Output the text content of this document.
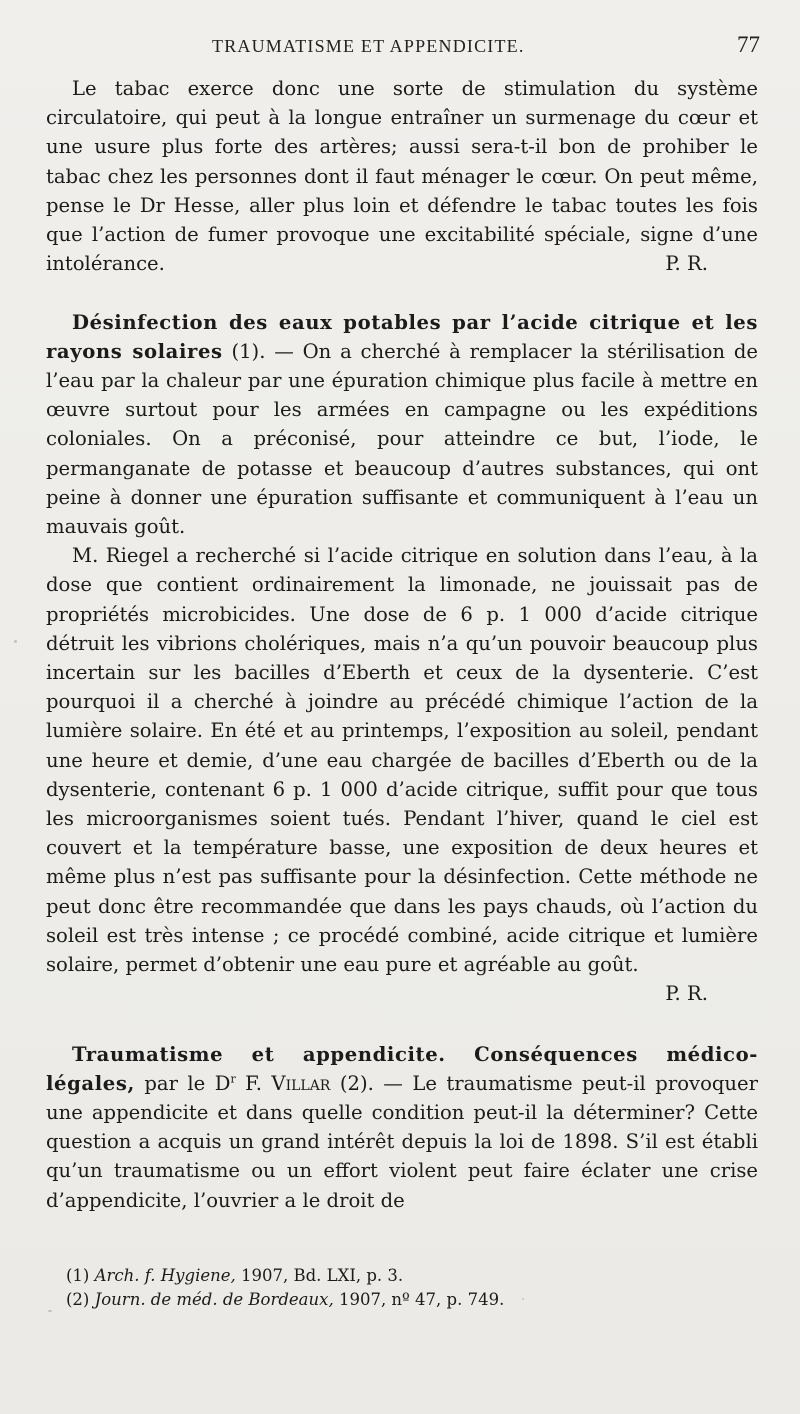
TRAUMATISME ET APPENDICITE.	77

Le tabac exerce donc une sorte de stimulation du système circulatoire, qui peut à la longue entraîner un surmenage du cœur et une usure plus forte des artères; aussi sera-t-il bon de prohiber le tabac chez les personnes dont il faut ménager le cœur. On peut même, pense le Dr Hesse, aller plus loin et défendre le tabac toutes les fois que l’action de fumer provoque une excitabilité spéciale, signe d’une intolérance.	P. R.

Désinfection des eaux potables par l’acide citrique et les rayons solaires (1). — On a cherché à remplacer la stérilisation de l’eau par la chaleur par une épuration chimique plus facile à mettre en œuvre surtout pour les armées en campagne ou les expéditions coloniales. On a préconisé, pour atteindre ce but, l’iode, le permanganate de potasse et beaucoup d’autres substances, qui ont peine à donner une épuration suffisante et communiquent à l’eau un mauvais goût.

M. Riegel a recherché si l’acide citrique en solution dans l’eau, à la dose que contient ordinairement la limonade, ne jouissait pas de propriétés microbicides. Une dose de 6 p. 1 000 d’acide citrique détruit les vibrions cholériques, mais n’a qu’un pouvoir beaucoup plus incertain sur les bacilles d’Eberth et ceux de la dysenterie. C’est pourquoi il a cherché à joindre au précédé chimique l’action de la lumière solaire. En été et au printemps, l’exposition au soleil, pendant une heure et demie, d’une eau chargée de bacilles d’Eberth ou de la dysenterie, contenant 6 p. 1 000 d’acide citrique, suffit pour que tous les microorganismes soient tués. Pendant l’hiver, quand le ciel est couvert et la température basse, une exposition de deux heures et même plus n’est pas suffisante pour la désinfection. Cette méthode ne peut donc être recommandée que dans les pays chauds, où l’action du soleil est très intense ; ce procédé combiné, acide citrique et lumière solaire, permet d’obtenir une eau pure et agréable au goût.

P. R.

Traumatisme et appendicite. Conséquences médico-légales, par le $D^r$ F. Villar (2). — Le traumatisme peut-il provoquer une appendicite et dans quelle condition peut-il la déterminer? Cette question a acquis un grand intérêt depuis la loi de 1898. S’il est établi qu’un traumatisme ou un effort violent peut faire éclater une crise d’appendicite, l’ouvrier a le droit de

(1) Arch. f. Hygiene, 1907, Bd. LXI, p. 3.

(2) Journ. de méd. de Bordeaux, 1907, nº 47, p. 749.
